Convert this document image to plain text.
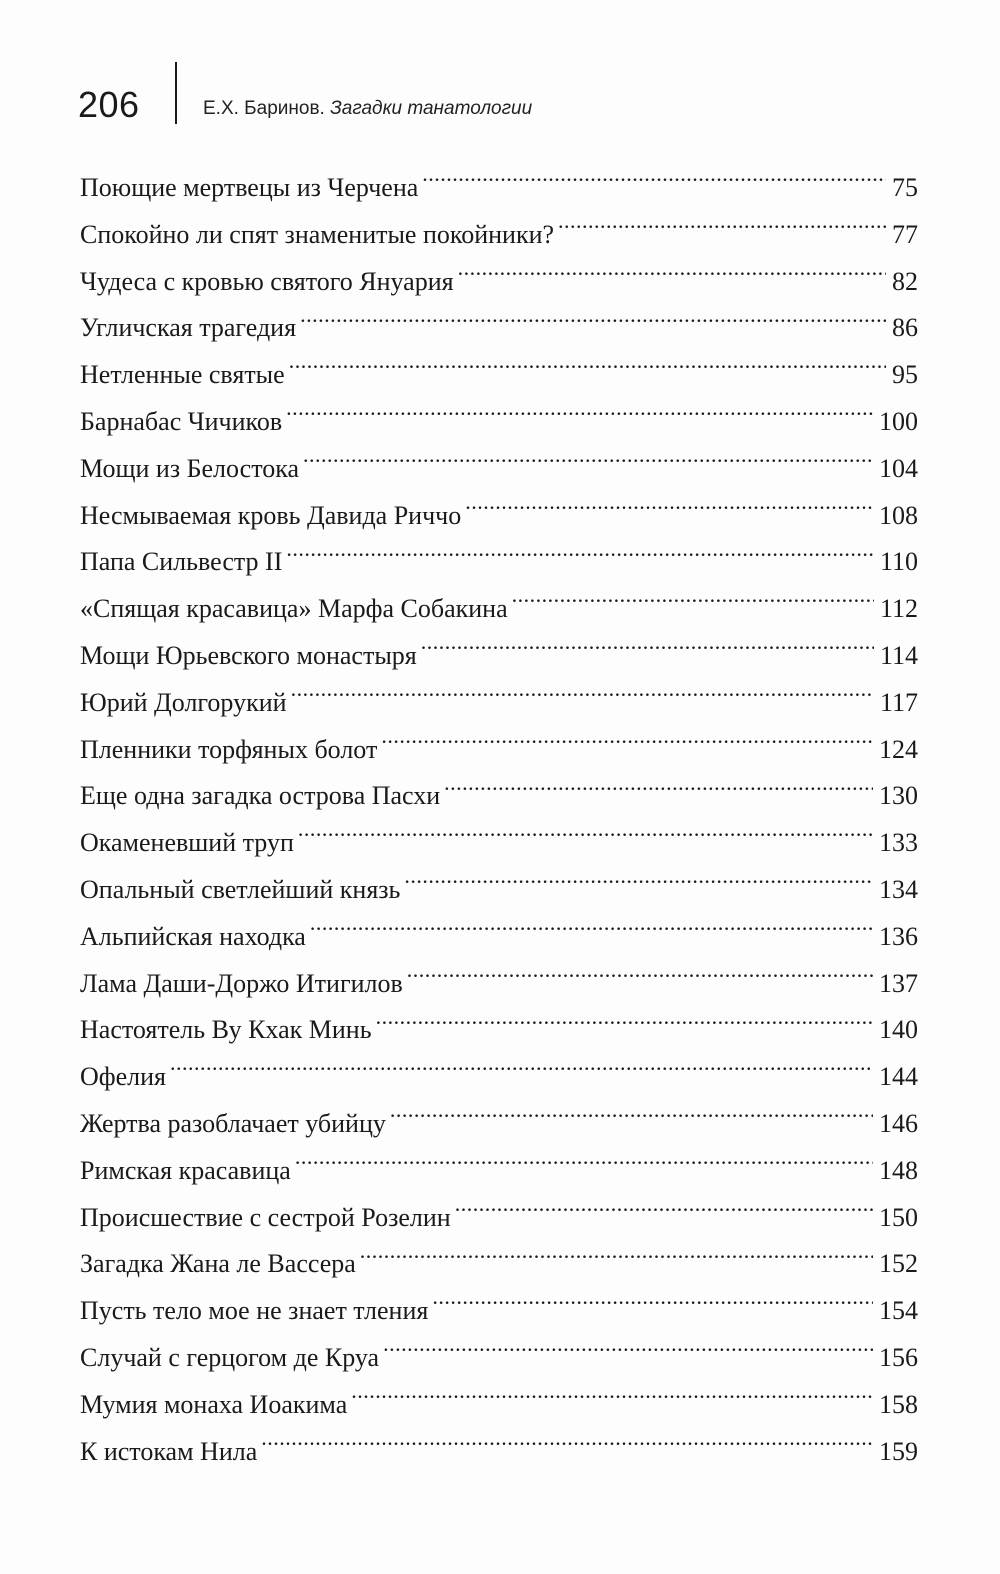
206	Е.Х. Баринов. Загадки танатологии
Поющие мертвецы из Черчена .....	75
Спокойно ли спят знаменитые покойники? .....	77
Чудеса с кровью святого Януария .....	82
Угличская трагедия .....	86
Нетленные святые .....	95
Барнабас Чичиков .....	100
Мощи из Белостока .....	104
Несмываемая кровь Давида Риччо .....	108
Папа Сильвестр II .....	110
«Спящая красавица» Марфа Собакина .....	112
Мощи Юрьевского монастыря .....	114
Юрий Долгорукий .....	117
Пленники торфяных болот .....	124
Еще одна загадка острова Пасхи .....	130
Окаменевший труп .....	133
Опальный светлейший князь .....	134
Альпийская находка .....	136
Лама Даши-Доржо Итигилов .....	137
Настоятель Ву Кхак Минь .....	140
Офелия .....	144
Жертва разоблачает убийцу .....	146
Римская красавица .....	148
Происшествие с сестрой Розелин .....	150
Загадка Жана ле Вассера .....	152
Пусть тело мое не знает тления .....	154
Случай с герцогом де Круа .....	156
Мумия монаха Иоакима .....	158
К истокам Нила .....	159
